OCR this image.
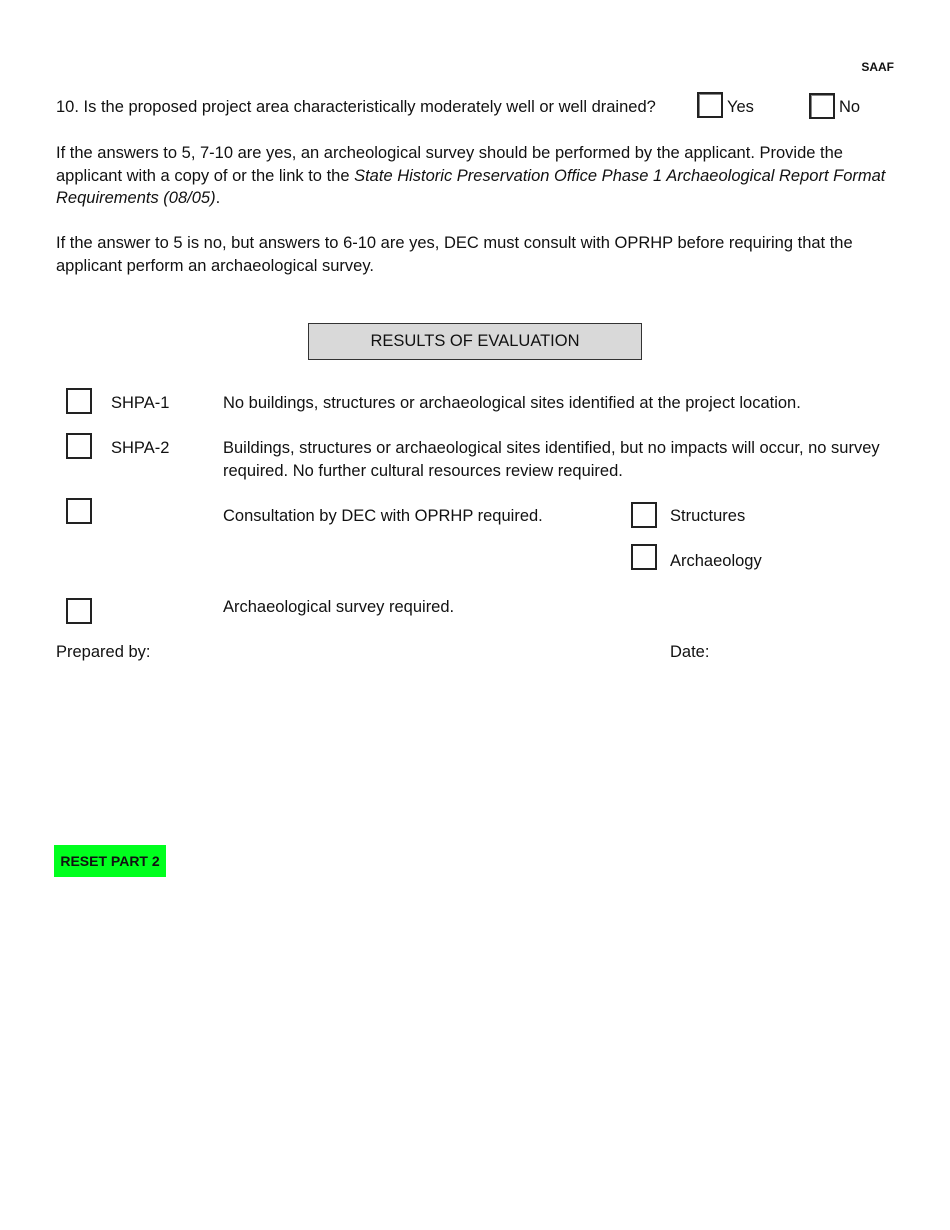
SAAF
10. Is the proposed project area characteristically moderately well or well drained?	Yes	No
If the answers to 5, 7-10 are yes, an archeological survey should be performed by the applicant. Provide the applicant with a copy of or the link to the State Historic Preservation Office Phase 1 Archaeological Report Format Requirements (08/05).
If the answer to 5 is no, but answers to 6-10 are yes, DEC must consult with OPRHP before requiring that the applicant perform an archaeological survey.
RESULTS OF EVALUATION
SHPA-1	No buildings, structures or archaeological sites identified at the project location.
SHPA-2	Buildings, structures or archaeological sites identified, but no impacts will occur, no survey required. No further cultural resources review required.
Consultation by DEC with OPRHP required.	Structures
Archaeology
Archaeological survey required.
Prepared by:	Date:
RESET PART 2
